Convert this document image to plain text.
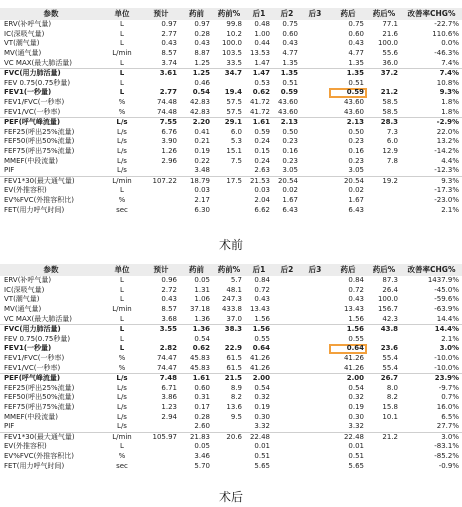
参数	单位	预计	药前	药前%	后1	后2	后3	药后	药后%	改善率CHG%
ERV(补呼气量)	L	0.97	0.97	99.8	0.48	0.75		0.75	77.1	-22.7%
IC(深吸气量)	L	2.77	0.28	10.2	1.00	0.60		0.60	21.6	110.6%
VT(潮气量)	L	0.43	0.43	100.0	0.44	0.43		0.43	100.0	0.0%
MV(通气量)	L/min	8.57	8.87	103.5	13.53	4.77		4.77	55.6	-46.3%
VC MAX(最大肺活量)	L	3.74	1.25	33.5	1.47	1.35		1.35	36.0	7.4%
FVC(用力肺活量)	L	3.61	1.25	34.7	1.47	1.35		1.35	37.2	7.4%
FEV 0.75(0.75秒量)	L		0.46		0.53	0.51		0.51		10.8%
FEV1(一秒量)	L	2.77	0.54	19.4	0.62	0.59		0.59	21.2	9.3%
FEV1/FVC(一秒率)	%	74.48	42.83	57.5	41.72	43.60		43.60	58.5	1.8%
FEV1/VC(一秒率)	%	74.48	42.83	57.5	41.72	43.60		43.60	58.5	1.8%
PEF(呼气峰流量)	L/s	7.55	2.20	29.1	1.61	2.13		2.13	28.3	-2.9%
FEF25(呼出25%流量)	L/s	6.76	0.41	6.0	0.59	0.50		0.50	7.3	22.0%
FEF50(呼出50%流量)	L/s	3.90	0.21	5.3	0.24	0.23		0.23	6.0	13.2%
FEF75(呼出75%流量)	L/s	1.26	0.19	15.1	0.15	0.16		0.16	12.9	-14.2%
MMEF(中段流量)	L/s	2.96	0.22	7.5	0.24	0.23		0.23	7.8	4.4%
PIF	L/s		3.48		2.63	3.05		3.05		-12.3%
FEV1*30(最大通气量)	L/min	107.22	18.79	17.5	21.53	20.54		20.54	19.2	9.3%
EV(外推容积)	L		0.03		0.03	0.02		0.02		-17.3%
EV%FVC(外推容积比)	%		2.17		2.04	1.67		1.67		-23.0%
FET(用力呼气时间)	sec		6.30		6.62	6.43		6.43		2.1%
术前
参数	单位	预计	药前	药前%	后1	后2	后3	药后	药后%	改善率CHG%
ERV(补呼气量)	L	0.96	0.05	5.7	0.84			0.84	87.3	1437.9%
IC(深吸气量)	L	2.72	1.31	48.1	0.72			0.72	26.4	-45.0%
VT(潮气量)	L	0.43	1.06	247.3	0.43			0.43	100.0	-59.6%
MV(通气量)	L/min	8.57	37.18	433.8	13.43			13.43	156.7	-63.9%
VC MAX(最大肺活量)	L	3.68	1.36	37.0	1.56			1.56	42.3	14.4%
FVC(用力肺活量)	L	3.55	1.36	38.3	1.56			1.56	43.8	14.4%
FEV 0.75(0.75秒量)	L		0.54		0.55			0.55		2.1%
FEV1(一秒量)	L	2.82	0.62	22.9	0.64			0.64	23.6	3.0%
FEV1/FVC(一秒率)	%	74.47	45.83	61.5	41.26			41.26	55.4	-10.0%
FEV1/VC(一秒率)	%	74.47	45.83	61.5	41.26			41.26	55.4	-10.0%
PEF(呼气峰流量)	L/s	7.48	1.61	21.5	2.00			2.00	26.7	23.9%
FEF25(呼出25%流量)	L/s	6.71	0.60	8.9	0.54			0.54	8.0	-9.7%
FEF50(呼出50%流量)	L/s	3.86	0.31	8.2	0.32			0.32	8.2	0.7%
FEF75(呼出75%流量)	L/s	1.23	0.17	13.6	0.19			0.19	15.8	16.0%
MMEF(中段流量)	L/s	2.94	0.28	9.5	0.30			0.30	10.1	6.5%
PIF	L/s		2.60		3.32			3.32		27.7%
FEV1*30(最大通气量)	L/min	105.97	21.83	20.6	22.48			22.48	21.2	3.0%
EV(外推容积)	L		0.05		0.01			0.01		-83.1%
EV%FVC(外推容积比)	%		3.46		0.51			0.51		-85.2%
FET(用力呼气时间)	sec		5.70		5.65			5.65		-0.9%
术后
